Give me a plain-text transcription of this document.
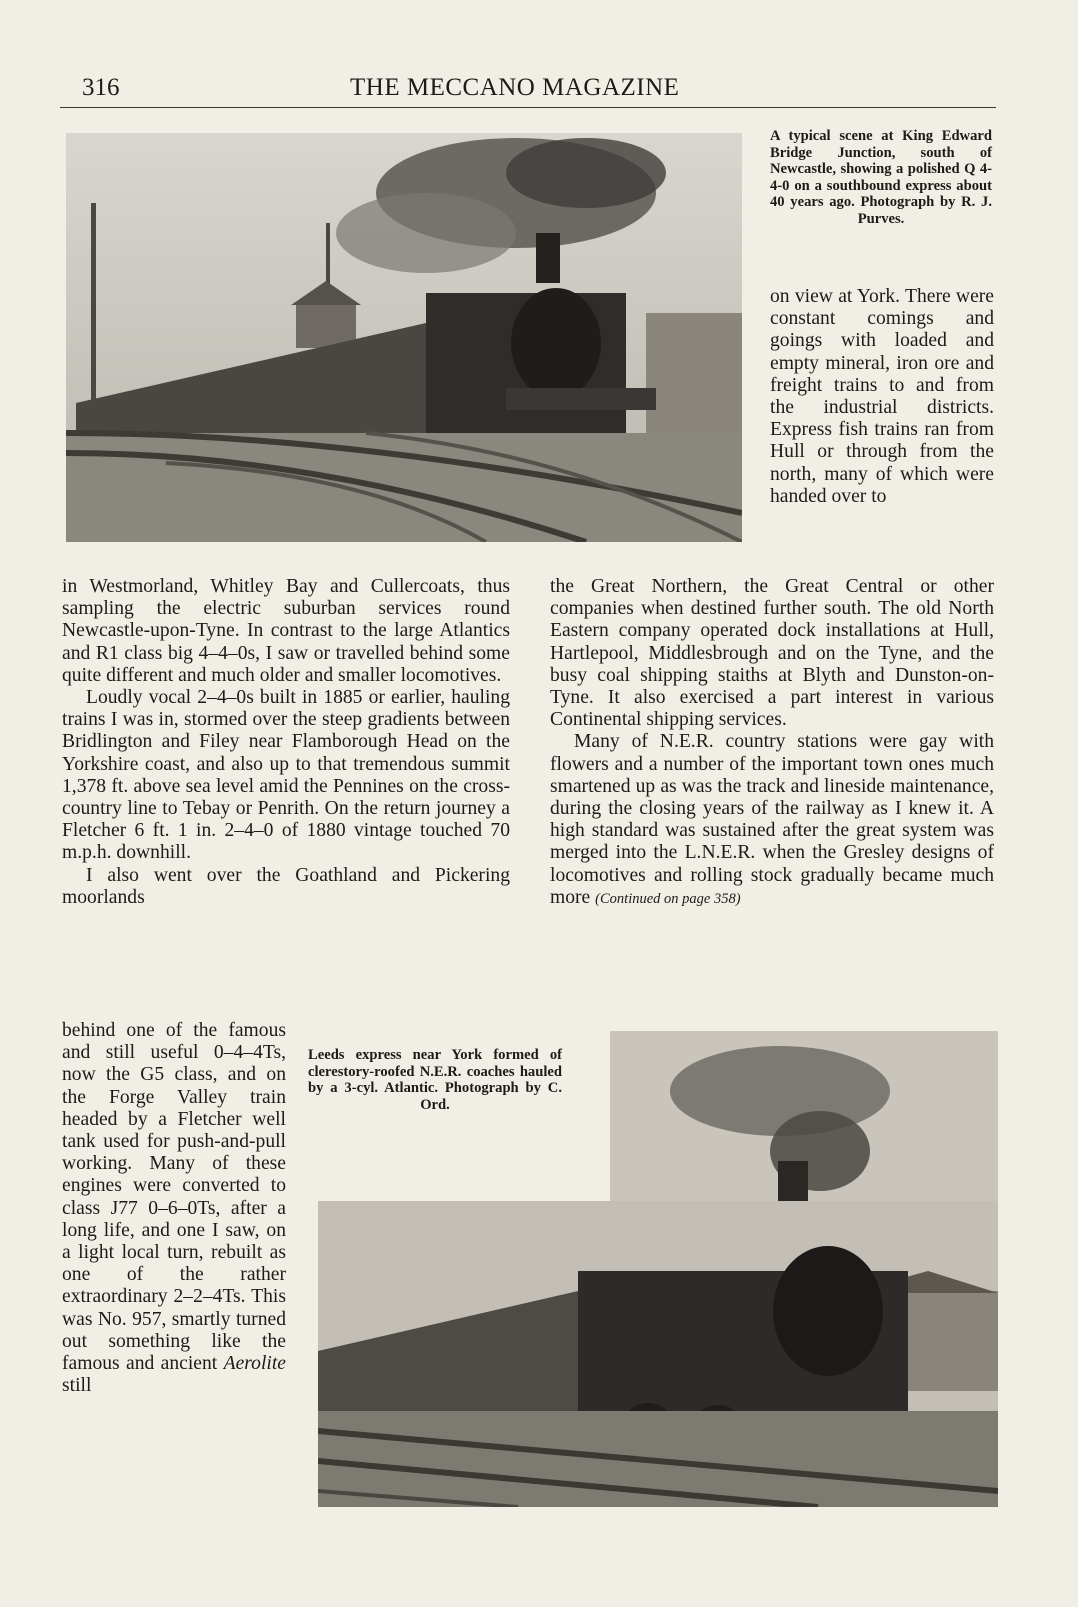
316	THE MECCANO MAGAZINE
A typical scene at King Edward Bridge Junction, south of Newcastle, showing a polished Q 4-4-0 on a southbound express about 40 years ago. Photograph by R. J. Purves.

on view at York. There were constant comings and goings with loaded and empty mineral, iron ore and freight trains to and from the industrial districts. Express fish trains ran from Hull or through from the north, many of which were handed over to

in Westmorland, Whitley Bay and Cullercoats, thus sampling the electric suburban services round Newcastle-upon-Tyne. In contrast to the large Atlantics and R1 class big 4–4–0s, I saw or travelled behind some quite different and much older and smaller locomotives.

Loudly vocal 2–4–0s built in 1885 or earlier, hauling trains I was in, stormed over the steep gradients between Bridlington and Filey near Flamborough Head on the Yorkshire coast, and also up to that tremendous summit 1,378 ft. above sea level amid the Pennines on the cross-country line to Tebay or Penrith. On the return journey a Fletcher 6 ft. 1 in. 2–4–0 of 1880 vintage touched 70 m.p.h. downhill.

I also went over the Goathland and Pickering moorlands

behind one of the famous and still useful 0–4–4Ts, now the G5 class, and on the Forge Valley train headed by a Fletcher well tank used for push-and-pull working. Many of these engines were converted to class J77 0–6–0Ts, after a long life, and one I saw, on a light local turn, rebuilt as one of the rather extraordinary 2–2–4Ts. This was No. 957, smartly turned out something like the famous and ancient Aerolite still

the Great Northern, the Great Central or other companies when destined further south. The old North Eastern company operated dock installations at Hull, Hartlepool, Middlesbrough and on the Tyne, and the busy coal shipping staiths at Blyth and Dunston-on-Tyne. It also exercised a part interest in various Continental shipping services.

Many of N.E.R. country stations were gay with flowers and a number of the important town ones much smartened up as was the track and lineside maintenance, during the closing years of the railway as I knew it. A high standard was sustained after the great system was merged into the L.N.E.R. when the Gresley designs of locomotives and rolling stock gradually became much more (Continued on page 358)

Leeds express near York formed of clerestory-roofed N.E.R. coaches hauled by a 3-cyl. Atlantic. Photograph by C. Ord.
